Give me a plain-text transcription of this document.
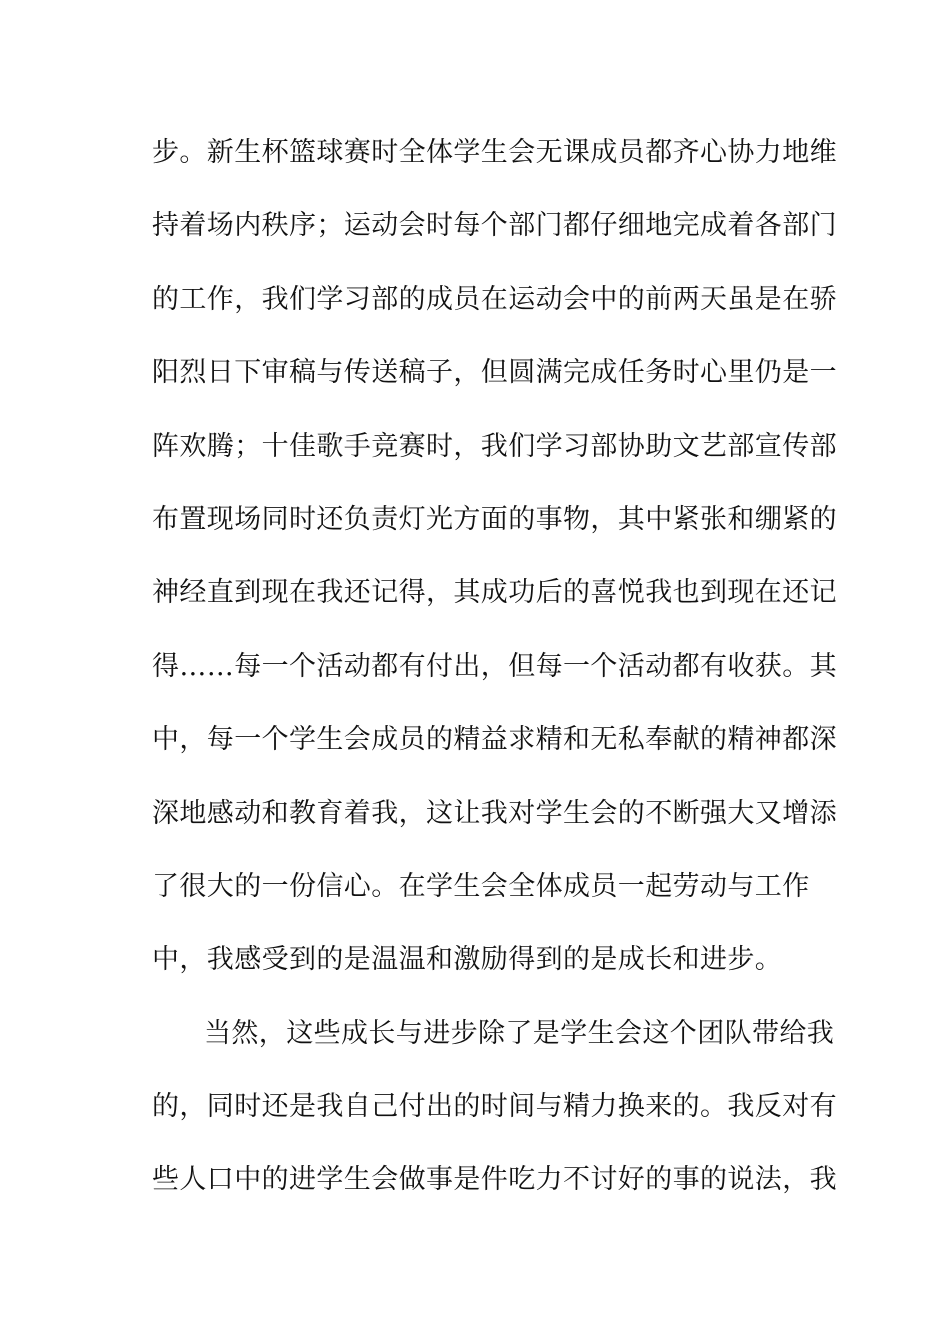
步。新生杯篮球赛时全体学生会无课成员都齐心协力地维
持着场内秩序；运动会时每个部门都仔细地完成着各部门
的工作，我们学习部的成员在运动会中的前两天虽是在骄
阳烈日下审稿与传送稿子，但圆满完成任务时心里仍是一
阵欢腾；十佳歌手竞赛时，我们学习部协助文艺部宣传部
布置现场同时还负责灯光方面的事物，其中紧张和绷紧的
神经直到现在我还记得，其成功后的喜悦我也到现在还记
得……每一个活动都有付出，但每一个活动都有收获。其
中，每一个学生会成员的精益求精和无私奉献的精神都深
深地感动和教育着我，这让我对学生会的不断强大又增添
了很大的一份信心。在学生会全体成员一起劳动与工作
中，我感受到的是温温和激励得到的是成长和进步。
当然，这些成长与进步除了是学生会这个团队带给我
的，同时还是我自己付出的时间与精力换来的。我反对有
些人口中的进学生会做事是件吃力不讨好的事的说法，我
